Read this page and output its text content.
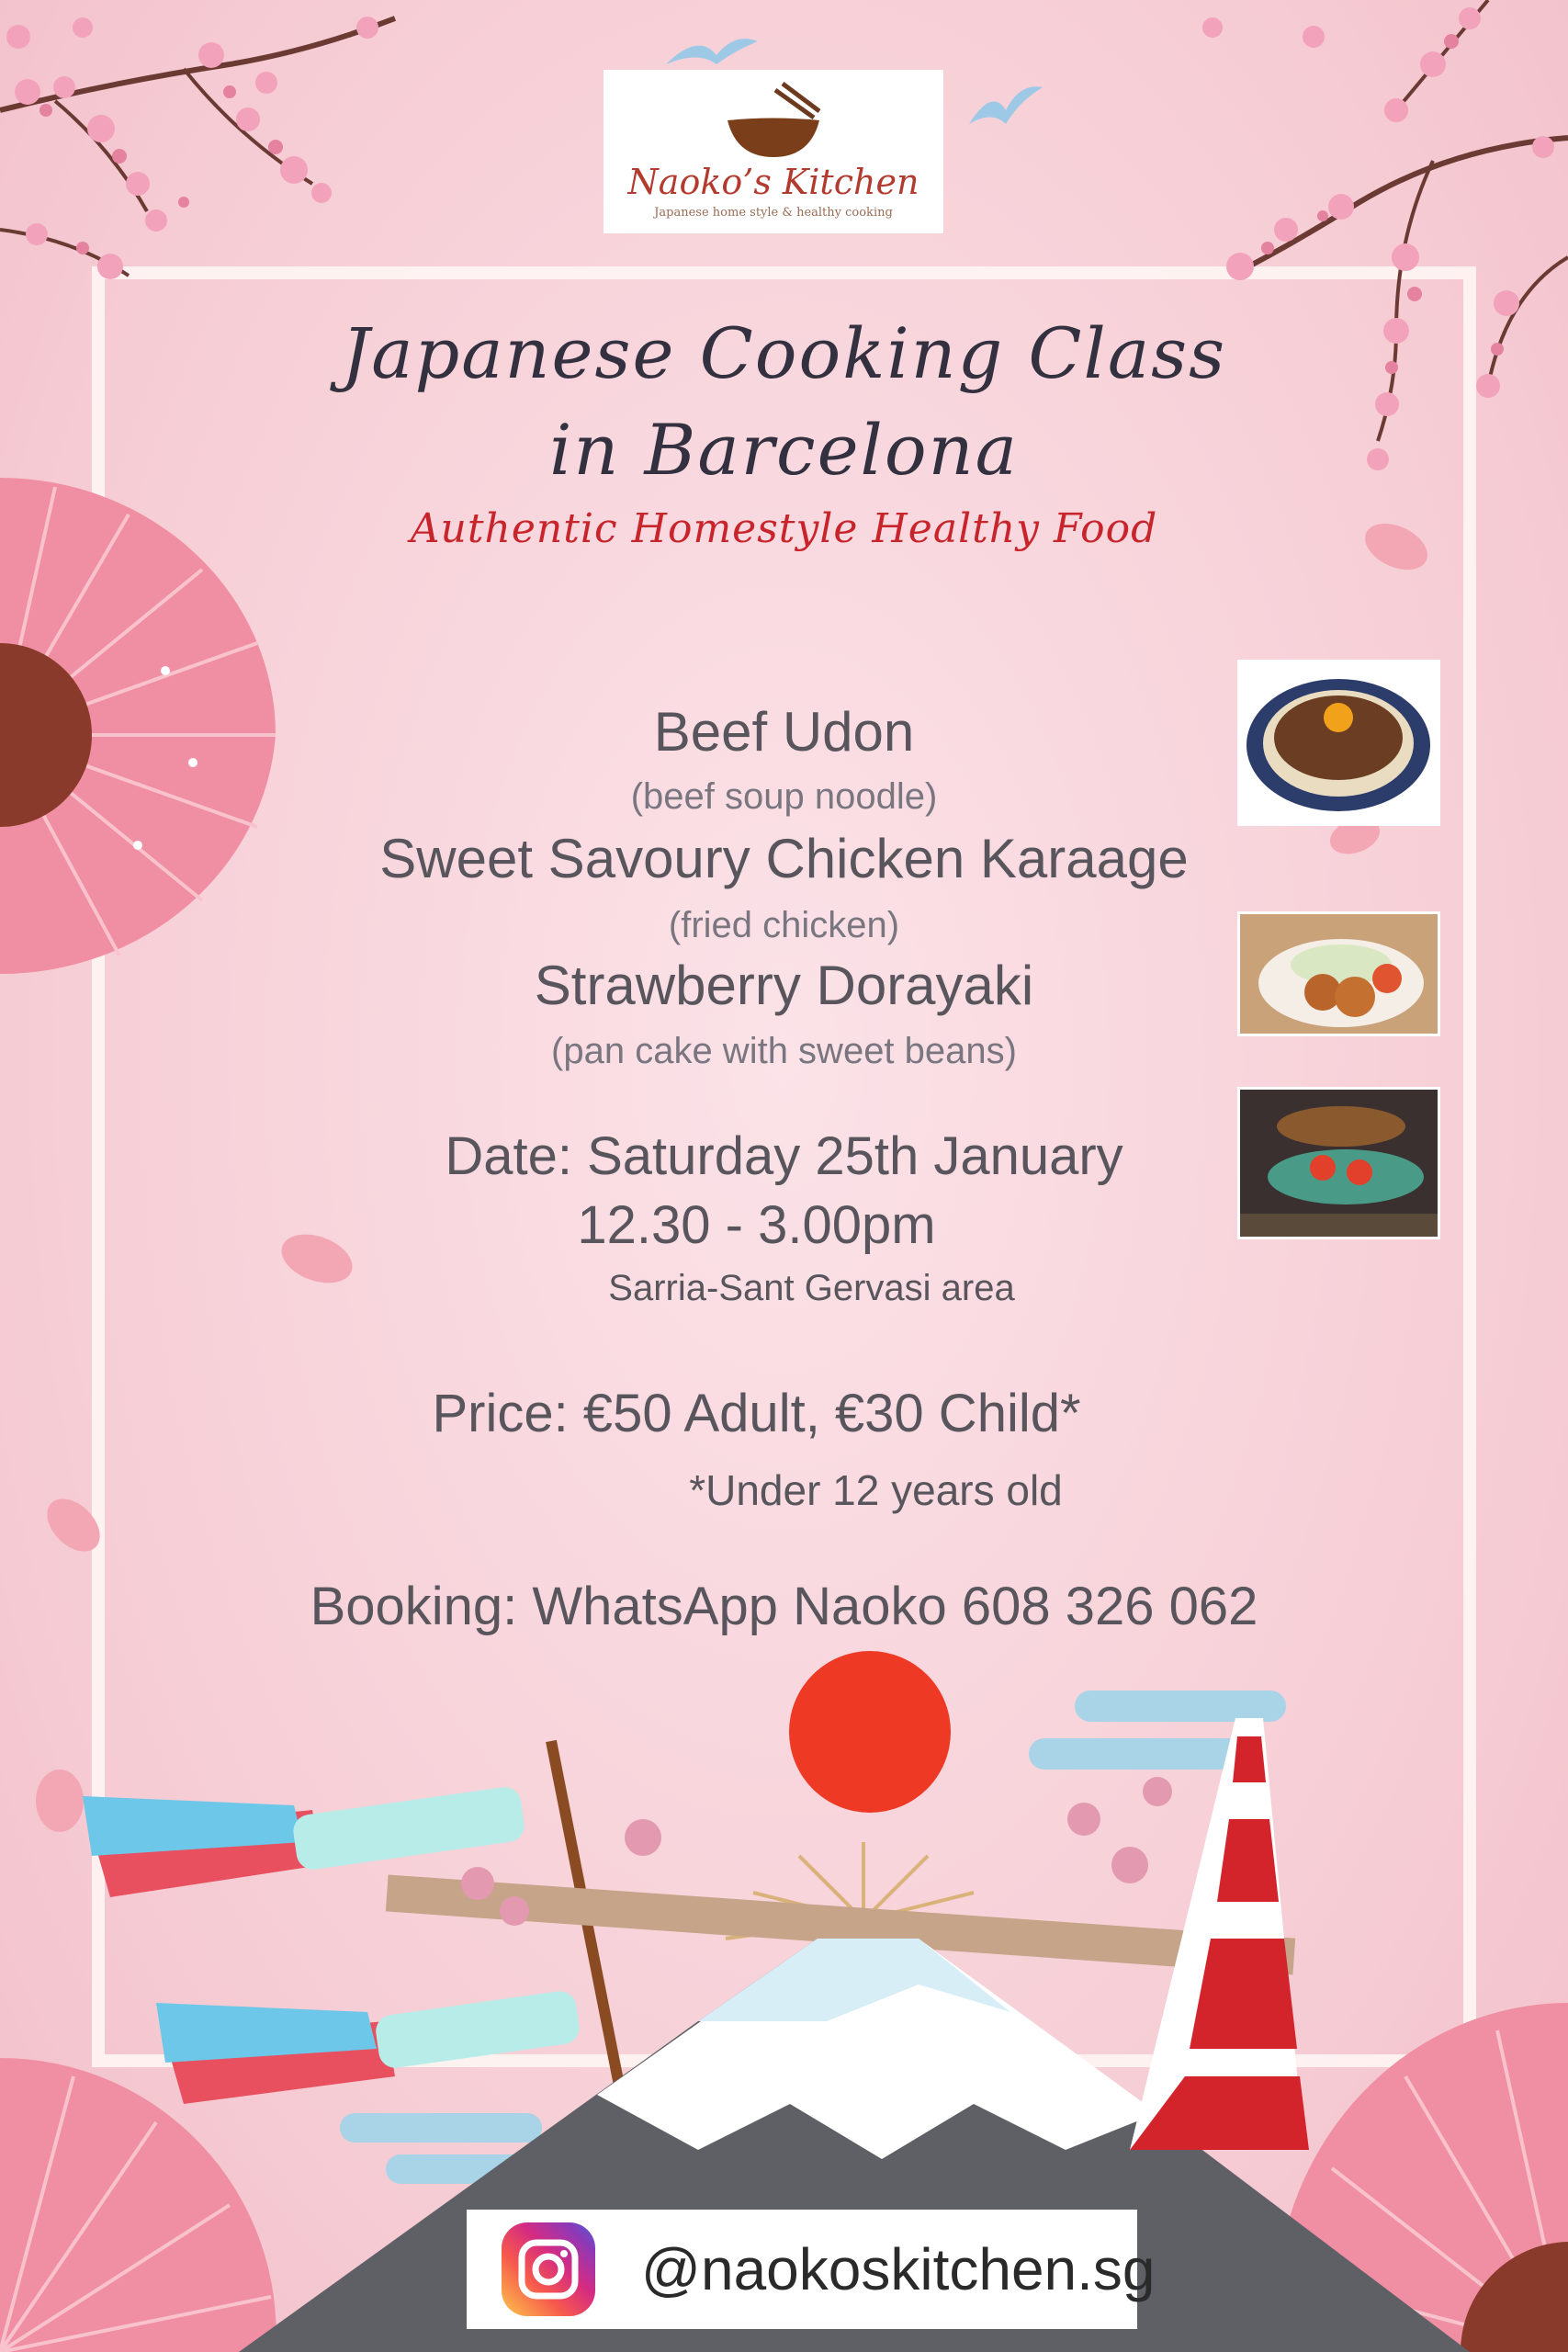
Naoko’s Kitchen
Japanese home style & healthy cooking
Japanese Cooking Class
in Barcelona
Authentic Homestyle Healthy Food
Beef Udon
(beef soup noodle)
Sweet Savoury Chicken Karaage
(fried chicken)
Strawberry Dorayaki
(pan cake with sweet beans)
Date: Saturday 25th January
12.30 - 3.00pm
Sarria-Sant Gervasi area
Price: €50 Adult, €30 Child*
*Under 12 years old
Booking: WhatsApp Naoko 608 326 062
@naokoskitchen.sg
